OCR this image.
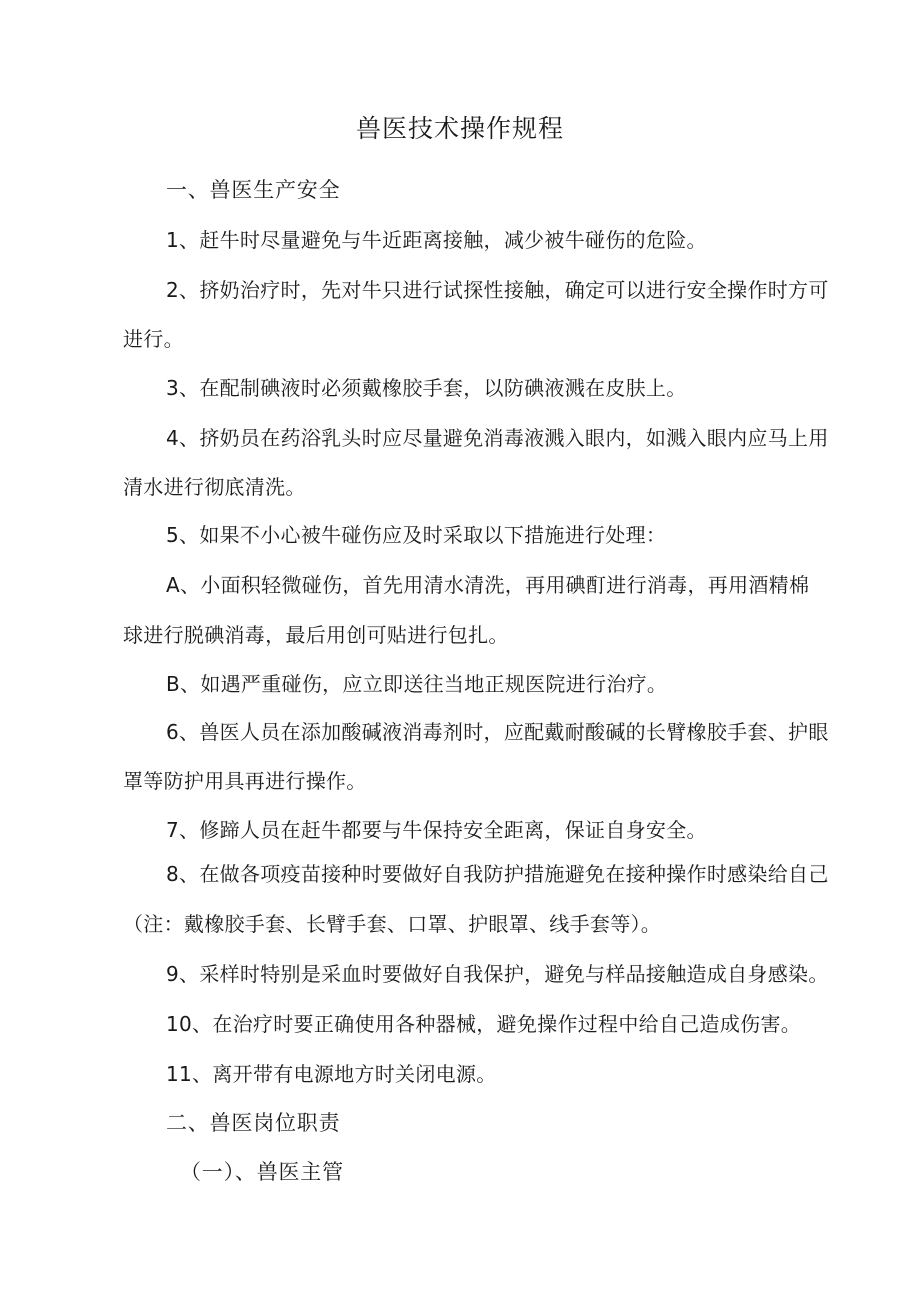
兽医技术操作规程
一、兽医生产安全
1、赶牛时尽量避免与牛近距离接触，减少被牛碰伤的危险。
2、挤奶治疗时，先对牛只进行试探性接触，确定可以进行安全操作时方可
进行。
3、在配制碘液时必须戴橡胶手套，以防碘液溅在皮肤上。
4、挤奶员在药浴乳头时应尽量避免消毒液溅入眼内，如溅入眼内应马上用
清水进行彻底清洗。
5、如果不小心被牛碰伤应及时采取以下措施进行处理：
A、小面积轻微碰伤，首先用清水清洗，再用碘酊进行消毒，再用酒精棉
球进行脱碘消毒，最后用创可贴进行包扎。
B、如遇严重碰伤，应立即送往当地正规医院进行治疗。
6、兽医人员在添加酸碱液消毒剂时，应配戴耐酸碱的长臂橡胶手套、护眼
罩等防护用具再进行操作。
7、修蹄人员在赶牛都要与牛保持安全距离，保证自身安全。
8、在做各项疫苗接种时要做好自我防护措施避免在接种操作时感染给自己
（注：戴橡胶手套、长臂手套、口罩、护眼罩、线手套等）。
9、采样时特别是采血时要做好自我保护，避免与样品接触造成自身感染。
10、在治疗时要正确使用各种器械，避免操作过程中给自己造成伤害。
11、离开带有电源地方时关闭电源。
二、兽医岗位职责
（一）、兽医主管
